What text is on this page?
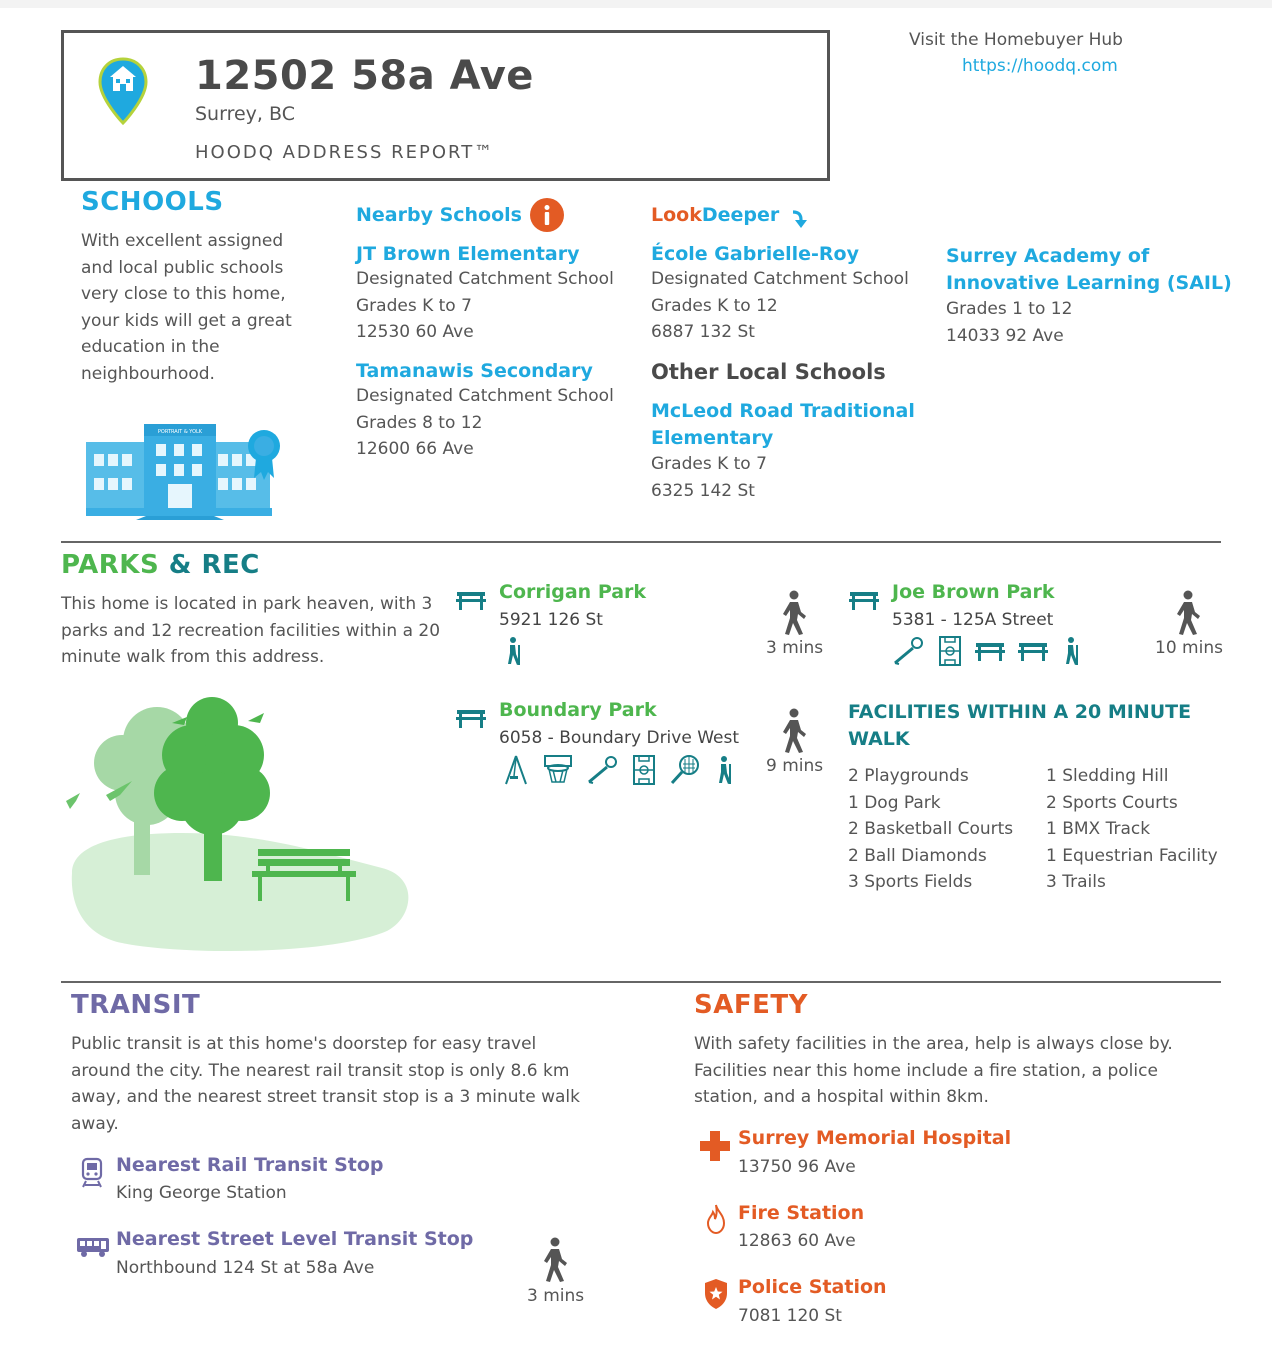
12502 58a Ave
Surrey, BC
HOODQ ADDRESS REPORT™
Visit the Homebuyer Hub
https://hoodq.com
SCHOOLS
With excellent assigned
and local public schools
very close to this home,
your kids will get a great
education in the
neighbourhood.
PORTRAIT & YOLK
Nearby Schools	LookDeeper
JT Brown Elementary
Designated Catchment School
Grades K to 7
12530 60 Ave
Tamanawis Secondary
Designated Catchment School
Grades 8 to 12
12600 66 Ave
École Gabrielle-Roy
Designated Catchment School
Grades K to 12
6887 132 St
Other Local Schools
McLeod Road Traditional
Elementary
Grades K to 7
6325 142 St
Surrey Academy of
Innovative Learning (SAIL)
Grades 1 to 12
14033 92 Ave
PARKS & REC
This home is located in park heaven, with 3
parks and 12 recreation facilities within a 20
minute walk from this address.
Corrigan Park
5921 126 St
3 mins
Joe Brown Park
5381 - 125A Street

10 mins
Boundary Park
6058 - Boundary Drive West

9 mins
FACILITIES WITHIN A 20 MINUTE
WALK
2 Playgrounds
1 Dog Park
2 Basketball Courts
2 Ball Diamonds
3 Sports Fields
1 Sledding Hill
2 Sports Courts
1 BMX Track
1 Equestrian Facility
3 Trails
TRANSIT
Public transit is at this home's doorstep for easy travel
around the city. The nearest rail transit stop is only 8.6 km
away, and the nearest street transit stop is a 3 minute walk
away.
Nearest Rail Transit Stop
King George Station
Nearest Street Level Transit Stop
Northbound 124 St at 58a Ave
3 mins
SAFETY
With safety facilities in the area, help is always close by.
Facilities near this home include a fire station, a police
station, and a hospital within 8km.
Surrey Memorial Hospital
13750 96 Ave
Fire Station
12863 60 Ave
Police Station
7081 120 St
